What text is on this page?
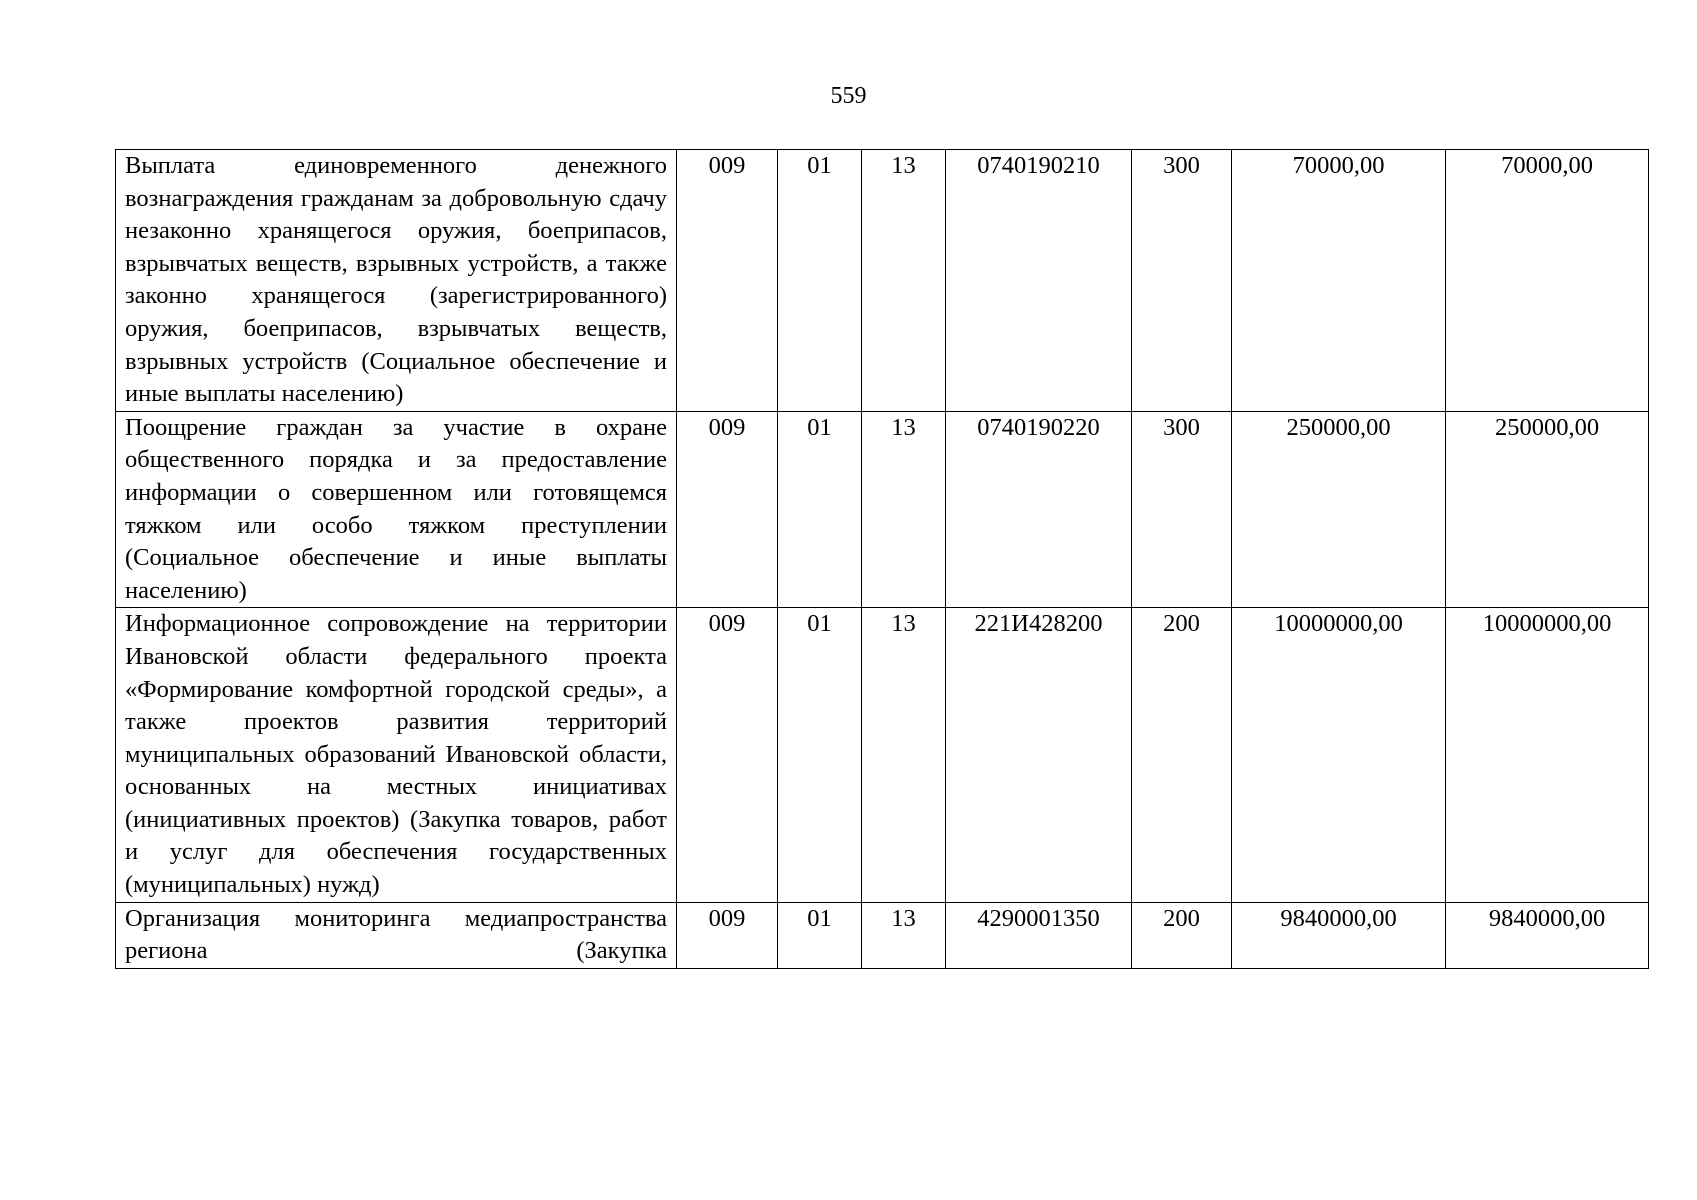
559
Выплата единовременного денежного вознаграждения гражданам за добровольную сдачу незаконно хранящегося оружия, боеприпасов, взрывчатых веществ, взрывных устройств, а также законно хранящегося (зарегистрированного) оружия, боеприпасов, взрывчатых веществ, взрывных устройств (Социальное обеспечение и иные выплаты населению)	009	01	13	0740190210	300	70000,00	70000,00
Поощрение граждан за участие в охране общественного порядка и за предоставление информации о совершенном или готовящемся тяжком или особо тяжком преступлении (Социальное обеспечение и иные выплаты населению)	009	01	13	0740190220	300	250000,00	250000,00
Информационное сопровождение на территории Ивановской области федерального проекта «Формирование комфортной городской среды», а также проектов развития территорий муниципальных образований Ивановской области, основанных на местных инициативах (инициативных проектов) (Закупка товаров, работ и услуг для обеспечения государственных (муниципальных) нужд)	009	01	13	221И428200	200	10000000,00	10000000,00
Организация мониторинга медиапространства региона (Закупка	009	01	13	4290001350	200	9840000,00	9840000,00
